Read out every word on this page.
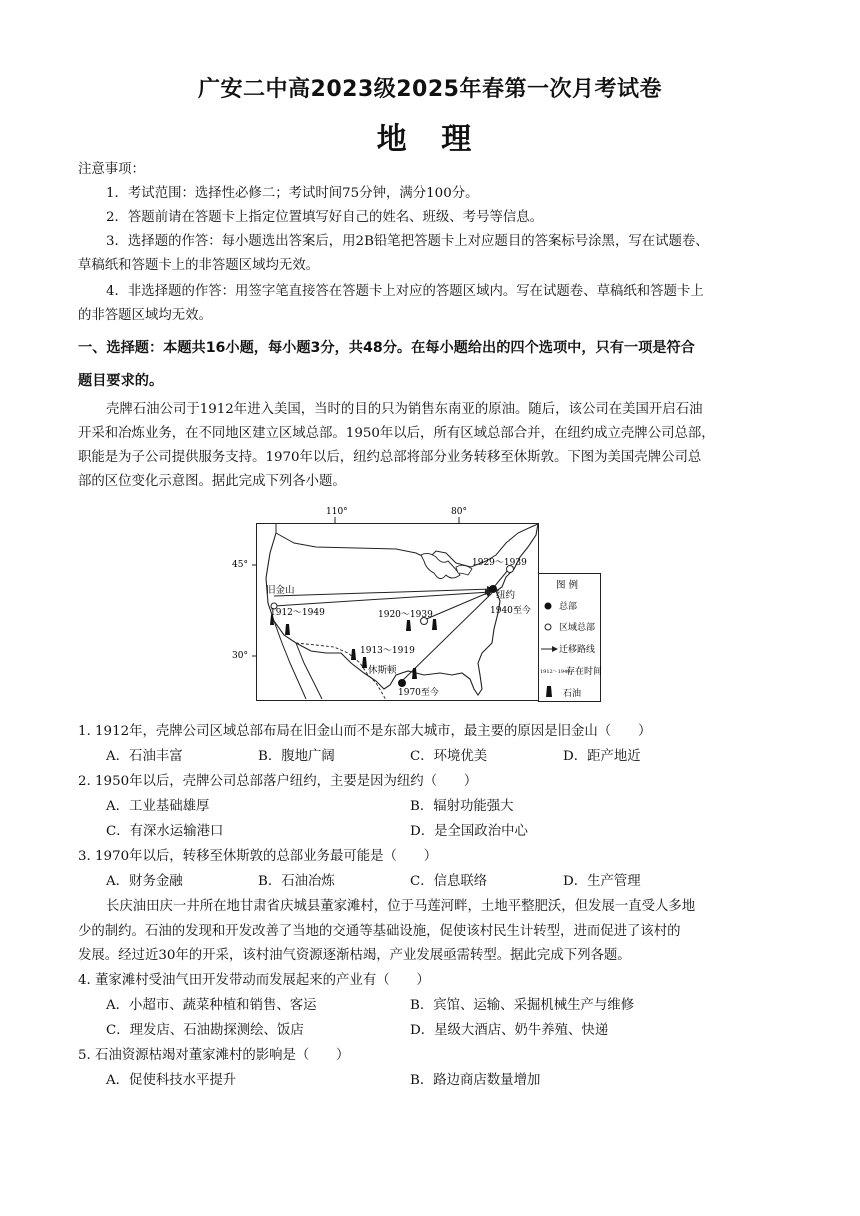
广安二中高2023级2025年春第一次月考试卷
地 理
注意事项：
1．考试范围：选择性必修二；考试时间75分钟，满分100分。
2．答题前请在答题卡上指定位置填写好自己的姓名、班级、考号等信息。
3．选择题的作答：每小题选出答案后，用2B铅笔把答题卡上对应题目的答案标号涂黑，写在试题卷、
草稿纸和答题卡上的非答题区域均无效。
4．非选择题的作答：用签字笔直接答在答题卡上对应的答题区域内。写在试题卷、草稿纸和答题卡上
的非答题区域均无效。
一、选择题：本题共16小题，每小题3分，共48分。在每小题给出的四个选项中，只有一项是符合
题目要求的。
壳牌石油公司于1912年进入美国，当时的目的只为销售东南亚的原油。随后，该公司在美国开启石油
开采和冶炼业务，在不同地区建立区域总部。1950年以后，所有区域总部合并，在纽约成立壳牌公司总部，
职能是为子公司提供服务支持。1970年以后，纽约总部将部分业务转移至休斯敦。下图为美国壳牌公司总
部的区位变化示意图。据此完成下列各小题。
110°	80°
45°
30°
旧金山
1912～1949
1929～1939
纽约
1940至今
1920～1939
1913～1919
休斯顿
1970至今
图 例
总部
区域总部
迁移路线
1912～1949
存在时间
石油
1. 1912年，壳牌公司区域总部布局在旧金山而不是东部大城市，最主要的原因是旧金山（　　）
A．石油丰富	B．腹地广阔	C．环境优美	D．距产地近
2. 1950年以后，壳牌公司总部落户纽约，主要是因为纽约（　　）
A．工业基础雄厚	B．辐射功能强大
C．有深水运输港口	D．是全国政治中心
3. 1970年以后，转移至休斯敦的总部业务最可能是（　　）
A．财务金融	B．石油冶炼	C．信息联络	D．生产管理
长庆油田庆一井所在地甘肃省庆城县董家滩村，位于马莲河畔，土地平整肥沃，但发展一直受人多地
少的制约。石油的发现和开发改善了当地的交通等基础设施，促使该村民生计转型，进而促进了该村的
发展。经过近30年的开采，该村油气资源逐渐枯竭，产业发展亟需转型。据此完成下列各题。
4. 董家滩村受油气田开发带动而发展起来的产业有（　　）
A．小超市、蔬菜种植和销售、客运	B．宾馆、运输、采掘机械生产与维修
C．理发店、石油勘探测绘、饭店	D．星级大酒店、奶牛养殖、快递
5. 石油资源枯竭对董家滩村的影响是（　　）
A．促使科技水平提升	B．路边商店数量增加
